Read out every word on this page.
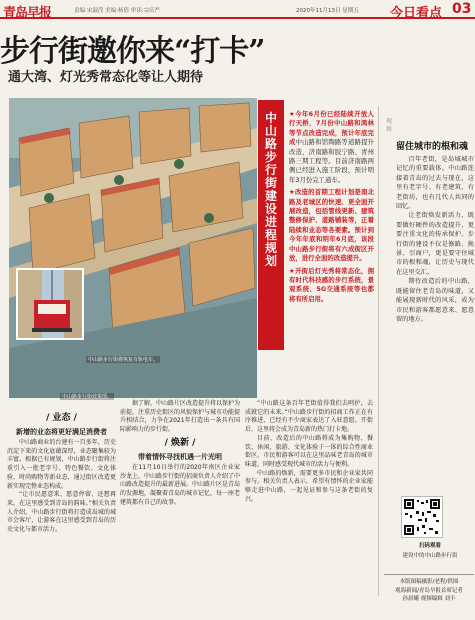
青岛早报	责编:宋淑滢 美编:杨倩 审读:宗庆严	2020年11月13日 星期五 今日看点 03
步行街邀你来“打卡”
通大湾、灯光秀常态化等让人期待
中山路步行街效果图。
中山路步行街将恢复有轨电车。
中山路步行街建设进程规划

★今年6月份已经陆续开放人行天桥，7月份中山路和鸿林等节点改造完成，预计年底完成中山路和馆陶路等道路提升改造，济南路和胶宁路、青州路三期工程等。目前济南路两侧已经进入施工阶段，预计明年3月份完工通车。

★改造的首期工程计划是南北路及老城区的快速、更全面开展改造，包括管线更新、建筑整修保护、道路铺装等，正着陆续和业态等各要素。预计到今年年底和明年6月底，该段中山路步行街将有六成街区开放，进行全面的改造提升。

★开街后灯光秀将常态化，拥有时代科技感的步行系统，景观系统、5G交通系统等也都将有所启用。

/ 业态 /
新增的业态将更好满足消费者

中山路商业的台建有一百多年，历史沉淀下来的文化底蕴深厚，业态聚集较为丰富。根据已有规划，中山路步行街将注重引入一批老字号、特色餐饮、文化体验、时尚购物等新业态，通过街区改造更新实现完整业态构成。

“让市民愿意来、愿意停留、还想再来，在这里感受到青岛的韵味。”相关负责人介绍，中山路步行街将打造成岛城的城市会客厅，让游客在这里感受到青岛的历史文化与都市活力。

据了解，中山路片区改造提升将以保护为前提，注重历史街区的风貌保护与城市功能提升相结合，力争在2021年打造出一条具有国际影响力的步行街。

/ 焕新 /
带着情怀寻找机遇一片光明

在11月10日举行的2020年南区企业家沙龙上，中山路步行街的招商负责人介绍了中山路改造提升的最新进展。中山路片区是青岛的发源地，凝聚着青岛的城市记忆，每一座老建筑都有自己的故事。

“中山路这条百年老街值得我们去呵护，去成就它的未来。”中山路步行街的招商工作正在有序推进，已经有不少商家表达了入驻意愿。开街后，这里将会成为青岛新的热门打卡地。

目前，改造后的中山路将成为集购物、餐饮、休闲、旅游、文化体验于一体的综合性商业街区。市民和游客可以在这里品味老青岛的城市味道，同时感受现代城市的活力与便利。

中山路的焕新，需要更多市民和企业家共同参与。相关负责人表示，希望有情怀的企业家能够走进中山路，一起见证和参与这条老街的复兴。

观察
留住城市的根和魂

百年老街，是岛城城市记忆的重要载体。中山路连接着青岛的过去与现在，这里有老字号、有老建筑、有老街坊，也有几代人共同的回忆。

让老街焕发新活力，既要做好硬件的改造提升，更要注重文化的传承保护。步行街的建设不仅是修路、换景、引商户，更是要守住城市的根和魂，让历史与现代在这里交汇。

期待改造后的中山路，既能留住老青岛的味道，又能展现新时代的风采，成为市民和游客都愿意来、愿意留的地方。

扫码观看
建设中的中山路步行街
本版图稿摄影/老程/供图
观海新闻/青岛早报首席记者
孙晨曦 视频编辑 刘丰
